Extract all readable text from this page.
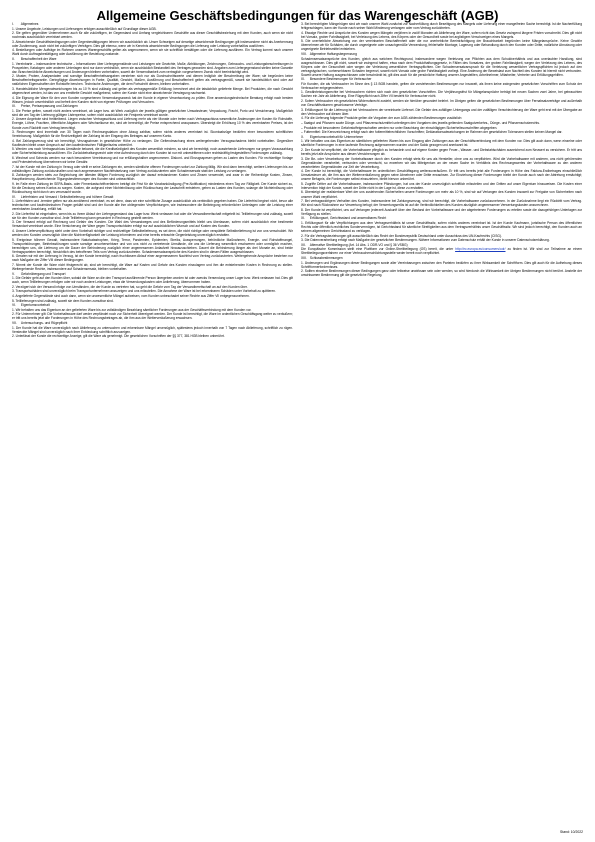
Allgemeine Geschäftsbedingungen für das Warengeschäft (AGB)

I. Allgemeines

1. Unsere Angebote, Leistungen und Lieferungen erfolgen ausschließlich auf Grundlage dieser AGB.

2. Sie gelten gegenüber Unternehmern auch für alle zukünftigen, im Gegenstand und Umfang vergleichbaren Geschäfte aus dieser Geschäftsbeziehung mit dem Kunden, auch wenn sie nicht nochmals ausdrücklich vereinbart werden.

3. Abweichende Geschäftsbedingungen oder Gegenbestätigungen lehnen wir ausdrücklich ab. Unser Schweigen auf derartige abweichende Bedingungen gilt insbesondere nicht als Anerkennung oder Zustimmung, auch nicht bei zukünftigen Verträgen. Dies gilt ebenso, wenn wir in Kenntnis abweichender Bedingungen die Lieferung oder Leistung vorbehaltlos ausführen.

4. Bestellungen oder Aufträge im Rahmen unseres Warengeschäfts gelten als angenommen, wenn wir sie schriftlich bestätigen oder die Lieferung ausführen. Ein Vertrag kommt nach unserer Wahl durch Auftragsbestätigung oder Ausführung der Bestellung zustande.

II. Beschaffenheit der Ware

1. Vereinbarte – insbesondere technische – Informationen über Liefergegenstände und Leistungen wie Gewichte, Maße, Abbildungen, Zeichnungen, Gebrauchs- und Leistungsbeschreibungen in Prospekten, Katalogen oder anderen Unterlagen sind nur dann verbindlich, wenn sie ausdrücklich Bestandteil des Vertrages geworden sind. Angaben zum Liefergegenstand stellen keine Garantie dar. Branchenübliche Abweichungen und Änderungen bleiben vorbehalten, soweit die Verwendbarkeit zum vertraglich vorgesehenen Zweck nicht beeinträchtigt wird.

2. Muster, Proben, Analysedaten und sonstige Beschaffenheitsangaben verstehen sich nur als Durchschnittswerte und dienen lediglich der Beschreibung der Ware; sie begründen keine Beschaffenheitsgarantie. Geringfügige Abweichungen in Farbe, Qualität, Gewicht, Maßen, Ausführung und Beschaffenheit gelten als vertragsgemäß, soweit sie handelsüblich sind oder auf natürlichen Eigenschaften der Rohstoffe beruhen. Technische Änderungen, die dem Fortschritt dienen, bleiben vorbehalten.

3. Handelsübliche Mengenabweichungen bis zu 10 % sind zulässig und gelten als vertragsgemäße Erfüllung; berechnet wird die tatsächlich gelieferte Menge. Bei Produkten, die nach Gewicht abgerechnet werden, ist das von uns ermittelte Gewicht maßgebend, sofern der Kunde nicht eine abweichende Verwiegung nachweist.

4. Die Eignung der Ware für den vom Kunden vorgesehenen Verwendungszweck hat der Kunde in eigener Verantwortung zu prüfen. Eine anwendungstechnische Beratung erfolgt nach bestem Wissen, jedoch unverbindlich und befreit den Kunden nicht von eigenen Prüfungen und Versuchen.

III. Preise, Preisanpassung und Zahlungen

1. Die Preise gelten, soweit nicht anders vereinbart, ab Lager bzw. ab Werk zuzüglich der jeweils gültigen gesetzlichen Umsatzsteuer, Verpackung, Fracht, Porto und Versicherung. Maßgeblich sind die am Tag der Lieferung gültigen Listenpreise, sofern nicht ausdrücklich ein Festpreis vereinbart wurde.

2. Unsere Angebote sind freibleibend. Liegen zwischen Vertragsschluss und Lieferung mehr als vier Monate oder treten nach Vertragsschluss wesentliche Änderungen der Kosten für Rohstoffe, Energie, Löhne, Frachten, öffentliche Abgaben oder Wechselkurse ein, sind wir berechtigt, die Preise entsprechend anzupassen. Übersteigt die Erhöhung 10 % des vereinbarten Preises, ist der Kunde zum Rücktritt vom Vertrag berechtigt.

3. Rechnungen sind innerhalb von 30 Tagen nach Rechnungsdatum ohne Abzug zahlbar, sofern nichts anderes vereinbart ist. Skontoabzüge bedürfen einer besonderen schriftlichen Vereinbarung. Maßgeblich für die Rechtzeitigkeit der Zahlung ist der Eingang des Betrages auf unserem Konto.

4. Bei Zahlungsverzug sind wir berechtigt, Verzugszinsen in gesetzlicher Höhe zu verlangen. Die Geltendmachung eines weitergehenden Verzugsschadens bleibt vorbehalten. Gegenüber Kaufleuten bleibt unser Anspruch auf den kaufmännischen Fälligkeitszins unberührt.

5. Werden uns nach Vertragsschluss Umstände bekannt, die die Kreditwürdigkeit des Kunden wesentlich mindern, so sind wir berechtigt, noch ausstehende Lieferungen nur gegen Vorauszahlung oder Sicherheitsleistung auszuführen. Ein Zurückbehaltungsrecht oder eine Aufrechnung durch den Kunden ist nur mit unbestrittenen oder rechtskräftig festgestellten Forderungen zulässig.

6. Wechsel und Schecks werden nur nach besonderer Vereinbarung und nur erfüllungshalber angenommen. Diskont- und Einzugsspesen gehen zu Lasten des Kunden. Für rechtzeitige Vorlage und Protesterhebung übernehmen wir keine Gewähr.

7. Ist der Kunde mit der Zahlung in Verzug oder stellt er seine Zahlungen ein, werden sämtliche offenen Forderungen sofort zur Zahlung fällig. Wir sind dann berechtigt, weitere Lieferungen bis zur vollständigen Zahlung zurückzuhalten und nach angemessener Nachfristsetzung vom Vertrag zurückzutreten oder Schadensersatz statt der Leistung zu verlangen.

8. Zahlungen werden stets zur Begleichung der ältesten fälligen Forderung zuzüglich der darauf entstandenen Kosten und Zinsen verwendet, und zwar in der Reihenfolge Kosten, Zinsen, Hauptforderung. Abweichende Tilgungsbestimmungen des Kunden sind unbeachtlich.

9. Im Falle einer Zahlung im SEPA-Basis- oder Firmenlastschriftverfahren beträgt die Frist für die Vorabankündigung (Pre-Notification) mindestens einen Tag vor Fälligkeit. Der Kunde sichert zu, für die Deckung seines Kontos zu sorgen. Kosten, die aufgrund einer Nichteinlösung oder Rückbuchung der Lastschrift entstehen, gehen zu Lasten des Kunden, solange die Nichteinlösung oder Rückbuchung nicht durch uns verursacht wurde.

IV. Lieferfristen und Versand / Selbstbelieferung und höhere Gewalt

1. Lieferfristen und -termine gelten nur als annähernd vereinbart, es sei denn, dass wir eine schriftliche Zusage ausdrücklich als verbindlich gegeben haben. Die Lieferfrist beginnt nicht, bevor alle technischen und kaufmännischen Fragen geklärt sind und der Kunde alle ihm obliegenden Verpflichtungen, wie insbesondere die Beibringung erforderlicher Unterlagen oder die Leistung einer vereinbarten Anzahlung, erfüllt hat.

2. Die Lieferfrist ist eingehalten, wenn bis zu ihrem Ablauf der Liefergegenstand das Lager bzw. Werk verlassen hat oder die Versandbereitschaft mitgeteilt ist. Teillieferungen sind zulässig, soweit sie für den Kunden zumutbar sind. Jede Teillieferung kann gesondert in Rechnung gestellt werden.

3. Der Versand erfolgt auf Rechnung und Gefahr des Kunden. Die Wahl des Versandweges und des Beförderungsmittels bleibt uns überlassen, sofern nicht ausdrücklich eine bestimmte Versandart vereinbart wurde. Eine Versicherung der Ware gegen Transportschäden erfolgt nur auf ausdrücklichen Wunsch und auf Kosten des Kunden.

4. Unsere Lieferverpflichtung steht unter dem Vorbehalt richtiger und rechtzeitiger Selbstbelieferung, es sei denn, die nicht richtige oder verspätete Selbstbelieferung ist von uns verschuldet. Wir werden den Kunden unverzüglich über die Nichtverfügbarkeit der Leistung informieren und eine bereits erbrachte Gegenleistung unverzüglich erstatten.

5. Ereignisse höherer Gewalt, insbesondere Naturkatastrophen, Krieg, Terror, Pandemien, Epidemien, Streiks, Aussperrungen, behördliche Maßnahmen, Energie- und Rohstoffmangel, Transportstörungen, Betriebsstörungen sowie sonstige unvorhersehbare und von uns nicht zu vertretende Umstände, die uns die Lieferung wesentlich erschweren oder unmöglich machen, berechtigen uns, die Lieferung um die Dauer der Behinderung zuzüglich einer angemessenen Anlaufzeit hinauszuschieben. Dauert die Behinderung länger als drei Monate an, sind beide Vertragsparteien berechtigt, hinsichtlich des betroffenen Teils vom Vertrag zurückzutreten. Schadensersatzansprüche des Kunden sind in diesen Fällen ausgeschlossen.

6. Geraten wir mit der Lieferung in Verzug, ist der Kunde berechtigt, nach fruchtlosem Ablauf einer angemessenen Nachfrist vom Vertrag zurückzutreten. Weitergehende Ansprüche bestehen nur nach Maßgabe der Ziffer VIII dieser Bedingungen.

7. Nimmt der Kunde die Ware nicht fristgerecht ab, sind wir berechtigt, die Ware auf Kosten und Gefahr des Kunden einzulagern und ihm die entstehenden Kosten in Rechnung zu stellen. Weitergehende Rechte, insbesondere auf Schadensersatz, bleiben vorbehalten.

V. Gefahrübergang und Transport

1. Die Gefahr geht auf den Kunden über, sobald die Ware an die den Transport ausführende Person übergeben worden ist oder zwecks Versendung unser Lager bzw. Werk verlassen hat. Dies gilt auch, wenn Teillieferungen erfolgen oder wir noch andere Leistungen, etwa die Versendungskosten oder Anlieferung, übernommen haben.

2. Verzögert sich der Versand infolge von Umständen, die der Kunde zu vertreten hat, so geht die Gefahr vom Tag der Versandbereitschaft an auf den Kunden über.

3. Transportschäden sind unverzüglich beim Transportunternehmen anzuzeigen und uns mitzuteilen. Die Annahme der Ware ist bei erkennbaren Schäden unter Vorbehalt zu quittieren.

4. Angelieferte Gegenstände sind auch dann, wenn sie unwesentliche Mängel aufweisen, vom Kunden unbeschadet seiner Rechte aus Ziffer VII entgegenzunehmen.

5. Teillieferungen sind zulässig, soweit sie dem Kunden zumutbar sind.

VI. Eigentumsvorbehalt

1. Wir behalten uns das Eigentum an der gelieferten Ware bis zur vollständigen Bezahlung sämtlicher Forderungen aus der Geschäftsverbindung mit dem Kunden vor.

2. Für Unternehmer gilt: Die Vorbehaltsware darf weder verpfändet noch zur Sicherheit übereignet werden. Der Kunde ist berechtigt, die Ware im ordentlichen Geschäftsgang weiter zu veräußern; er tritt uns bereits jetzt alle Forderungen in Höhe des Rechnungsbetrages ab, die ihm aus der Weiterveräußerung erwachsen.

VII. Untersuchungs- und Rügepflicht

1. Der Kunde hat die Ware unverzüglich nach Ablieferung zu untersuchen und erkennbare Mängel unverzüglich, spätestens jedoch innerhalb von 7 Tagen nach Ablieferung, schriftlich zu rügen. Versteckte Mängel sind unverzüglich nach ihrer Entdeckung schriftlich anzuzeigen.

2. Unterlässt der Kunde die rechtzeitige Anzeige, gilt die Ware als genehmigt. Die gesetzlichen Vorschriften der §§ 377, 381 HGB bleiben unberührt.

3. Bei berechtigten Mängelrügen sind wir nach unserer Wahl zunächst zur Nacherfüllung durch Beseitigung des Mangels oder Lieferung einer mangelfreien Sache berechtigt. Ist die Nacherfüllung fehlgeschlagen, kann der Kunde nach seiner Wahl Minderung verlangen oder vom Vertrag zurücktreten.

4. Etwaige Rechte und Ansprüche des Kunden wegen Mängeln verjähren in zwölf Monaten ab Ablieferung der Ware, sofern nicht das Gesetz zwingend längere Fristen vorschreibt. Dies gilt nicht bei Vorsatz, grober Fahrlässigkeit, bei Verletzung des Lebens, des Körpers oder der Gesundheit sowie bei arglistigem Verschweigen eines Mangels.

5. Die unerhebliche Abweichung von der vereinbarten Beschaffenheit oder die nur unerhebliche Beeinträchtigung der Brauchbarkeit begründen keine Mängelansprüche. Keine Gewähr übernehmen wir für Schäden, die durch ungeeignete oder unsachgemäße Verwendung, fehlerhafte Montage, Lagerung oder Behandlung durch den Kunden oder Dritte, natürliche Abnutzung oder ungeeignete Betriebsmittel entstehen.

VIII. Allgemeine Haftungsbegrenzung

Schadensersatzansprüche des Kunden, gleich aus welchem Rechtsgrund, insbesondere wegen Verletzung von Pflichten aus dem Schuldverhältnis und aus unerlaubter Handlung, sind ausgeschlossen. Dies gilt nicht, soweit wir zwingend haften, etwa nach dem Produkthaftungsgesetz, in Fällen des Vorsatzes, der groben Fahrlässigkeit, wegen der Verletzung des Lebens, des Körpers oder der Gesundheit oder wegen der Verletzung wesentlicher Vertragspflichten. Der Schadensersatzanspruch für die Verletzung wesentlicher Vertragspflichten ist jedoch auf den vertragstypischen, vorhersehbaren Schaden begrenzt, soweit nicht Vorsatz oder grobe Fahrlässigkeit vorliegt. Eine Änderung der Beweislast zum Nachteil des Kunden ist hiermit nicht verbunden. Soweit unsere Haftung ausgeschlossen oder beschränkt ist, gilt dies auch für die persönliche Haftung unserer Angestellten, Arbeitnehmer, Mitarbeiter, Vertreter und Erfüllungsgehilfen.

IX. Besondere Bestimmungen für Verbraucher

Für Kunden, die als Verbraucher im Sinne des § 13 BGB handeln, gelten die vorstehenden Bestimmungen nur insoweit, als ihnen keine zwingenden gesetzlichen Vorschriften zum Schutz der Verbraucher entgegenstehen.

1. Gewährleistungsrechte bei Verbrauchern richten sich nach den gesetzlichen Vorschriften. Die Verjährungsfrist für Mängelansprüche beträgt bei neuen Sachen zwei Jahre, bei gebrauchten Sachen ein Jahr ab Ablieferung. Eine Rügepflicht nach Ziffer VII besteht für Verbraucher nicht.

2. Sofern Verbraucher ein gesetzliches Widerrufsrecht zusteht, werden sie hierüber gesondert belehrt. Im Übrigen gelten die gesetzlichen Bestimmungen über Fernabsatzverträge und außerhalb von Geschäftsräumen geschlossene Verträge.

3. Erfüllungsort für die Lieferung ist bei Verbrauchern der vereinbarte Lieferort. Die Gefahr des zufälligen Untergangs und der zufälligen Verschlechterung der Ware geht erst mit der Übergabe an den Verbraucher auf diesen über.

4. Für die Lieferung folgender Produkte gelten die Vorgaben der zum AGB zählenden Bestimmungen zusätzlich:

– Saatgut und Pflanzen sowie Dünge- und Pflanzenschutzmittel unterliegen den Vorgaben des jeweils geltenden Saatgutverkehrs-, Dünge- und Pflanzenschutzrechts.

– Produkte mit besonderen Gefahrstoffeigenschaften werden nur unter Beachtung der einschlägigen Sicherheitsvorschriften abgegeben.

– Futtermittel: Die Kennzeichnung erfolgt nach den futtermittelrechtlichen Vorschriften; Deklarationsabweichungen im Rahmen der gesetzlichen Toleranzen stellen keinen Mangel dar.

X. Eigentumsvorbehalt für Unternehmer

1. Wir behalten uns das Eigentum an sämtlichen gelieferten Waren bis zum Eingang aller Zahlungen aus der Geschäftsverbindung mit dem Kunden vor. Dies gilt auch dann, wenn einzelne oder sämtliche Forderungen in eine laufende Rechnung aufgenommen wurden und der Saldo gezogen und anerkannt ist.

2. Der Kunde ist verpflichtet, die Vorbehaltsware pfleglich zu behandeln und auf eigene Kosten gegen Feuer-, Wasser- und Diebstahlschäden ausreichend zum Neuwert zu versichern. Er tritt uns bereits jetzt alle Ansprüche aus diesen Versicherungen ab.

3. Die Be- oder Verarbeitung der Vorbehaltsware durch den Kunden erfolgt stets für uns als Hersteller, ohne uns zu verpflichten. Wird die Vorbehaltsware mit anderen, uns nicht gehörenden Gegenständen verarbeitet, verbunden oder vermischt, so erwerben wir das Miteigentum an der neuen Sache im Verhältnis des Rechnungswertes der Vorbehaltsware zu den anderen verarbeiteten Gegenständen zur Zeit der Verarbeitung.

4. Der Kunde ist berechtigt, die Vorbehaltsware im ordentlichen Geschäftsgang weiterzuveräußern. Er tritt uns bereits jetzt alle Forderungen in Höhe des Faktura-Endbetrages einschließlich Umsatzsteuer ab, die ihm aus der Weiterveräußerung gegen seine Abnehmer oder Dritte erwachsen. Zur Einziehung dieser Forderungen bleibt der Kunde auch nach der Abtretung ermächtigt; unsere Befugnis, die Forderungen selbst einzuziehen, bleibt hiervon unberührt.

5. Zugriffe Dritter auf die Vorbehaltsware, insbesondere Pfändungen, hat uns der Kunde unverzüglich schriftlich mitzuteilen und den Dritten auf unser Eigentum hinzuweisen. Die Kosten einer Intervention trägt der Kunde, soweit der Dritte nicht in der Lage ist, diese zu erstatten.

6. Übersteigt der realisierbare Wert der uns zustehenden Sicherheiten unsere Forderungen um mehr als 10 %, sind wir auf Verlangen des Kunden insoweit zur Freigabe von Sicherheiten nach unserer Wahl verpflichtet.

7. Bei vertragswidrigem Verhalten des Kunden, insbesondere bei Zahlungsverzug, sind wir berechtigt, die Vorbehaltsware zurückzunehmen. In der Zurücknahme liegt ein Rücktritt vom Vertrag. Wir sind nach Rücknahme zur Verwertung befugt; der Verwertungserlös ist auf die Verbindlichkeiten des Kunden abzüglich angemessener Verwertungskosten anzurechnen.

8. Der Kunde ist verpflichtet, uns auf Verlangen jederzeit Auskunft über den Bestand der Vorbehaltsware und der abgetretenen Forderungen zu erteilen sowie die dazugehörigen Unterlagen zur Verfügung zu stellen.

XI. Erfüllungsort, Gerichtsstand und anwendbares Recht

1. Erfüllungsort für alle Verpflichtungen aus dem Vertragsverhältnis ist unser Geschäftssitz, sofern nichts anderes vereinbart ist. Ist der Kunde Kaufmann, juristische Person des öffentlichen Rechts oder öffentlich-rechtliches Sondervermögen, ist Gerichtsstand für sämtliche Streitigkeiten aus dem Vertragsverhältnis unser Geschäftssitz. Wir sind jedoch berechtigt, den Kunden auch an seinem allgemeinen Gerichtsstand zu verklagen.

2. Für die Vertragsbeziehungen gilt ausschließlich das Recht der Bundesrepublik Deutschland unter Ausschluss des UN-Kaufrechts (CISG).

3. Die Datenverarbeitung erfolgt nach Maßgabe der gesetzlichen Bestimmungen. Nähere Informationen zum Datenschutz erhält der Kunde in unserer Datenschutzerklärung.

XII. Alternative Streitbeilegung (Art. 14 Abs. 1 ODR-VO und § 36 VSBG)

Die Europäische Kommission stellt eine Plattform zur Online-Streitbeilegung (OS) bereit, die unter http://ec.europa.eu/consumers/odr/ zu finden ist. Wir sind zur Teilnahme an einem Streitbeilegungsverfahren vor einer Verbraucherschlichtungsstelle weder bereit noch verpflichtet.

XIII. Schlussbestimmungen

1. Änderungen und Ergänzungen dieser Bedingungen sowie aller Vereinbarungen zwischen den Parteien bedürfen zu ihrer Wirksamkeit der Schriftform. Dies gilt auch für die Aufhebung dieses Schriftformerfordernisses.

2. Sollten einzelne Bestimmungen dieser Bedingungen ganz oder teilweise unwirksam sein oder werden, so wird hierdurch die Wirksamkeit der übrigen Bestimmungen nicht berührt. Anstelle der unwirksamen Bestimmung gilt die gesetzliche Regelung.

Stand: 10/2022
